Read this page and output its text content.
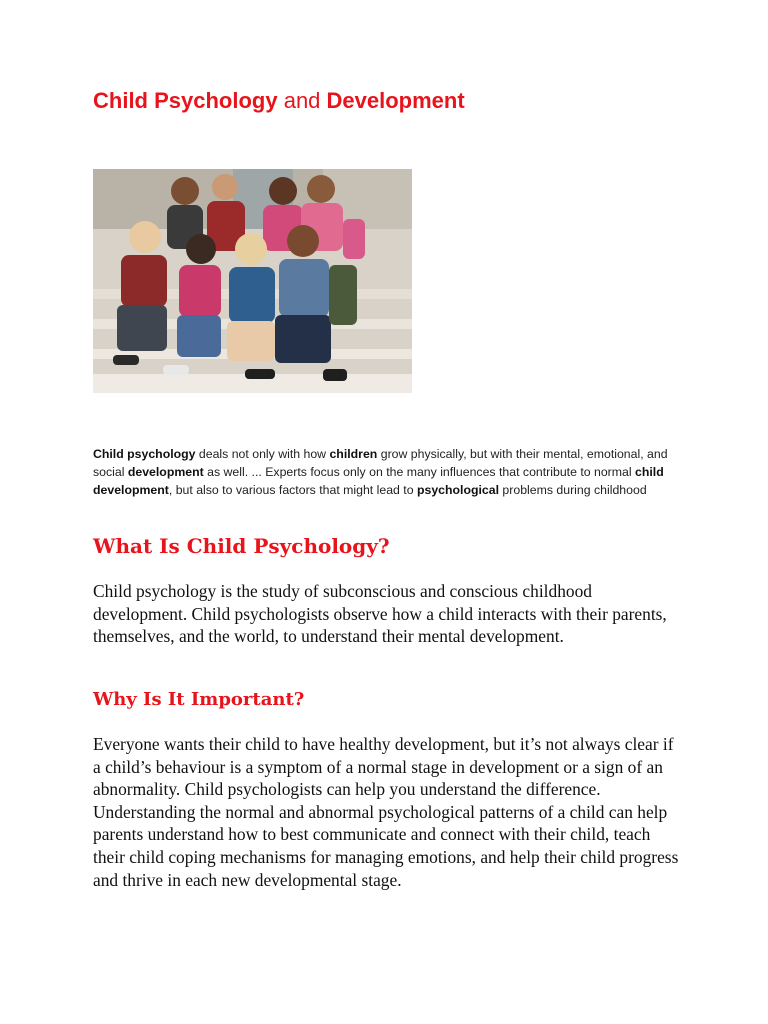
Child Psychology and Development

Child psychology deals not only with how children grow physically, but with their mental, emotional, and social development as well. ... Experts focus only on the many influences that contribute to normal child development, but also to various factors that might lead to psychological problems during childhood

What Is Child Psychology?

Child psychology is the study of subconscious and conscious childhood development. Child psychologists observe how a child interacts with their parents, themselves, and the world, to understand their mental development.

Why Is It Important?

Everyone wants their child to have healthy development, but it’s not always clear if a child’s behaviour is a symptom of a normal stage in development or a sign of an abnormality. Child psychologists can help you understand the difference. Understanding the normal and abnormal psychological patterns of a child can help parents understand how to best communicate and connect with their child, teach their child coping mechanisms for managing emotions, and help their child progress and thrive in each new developmental stage.
